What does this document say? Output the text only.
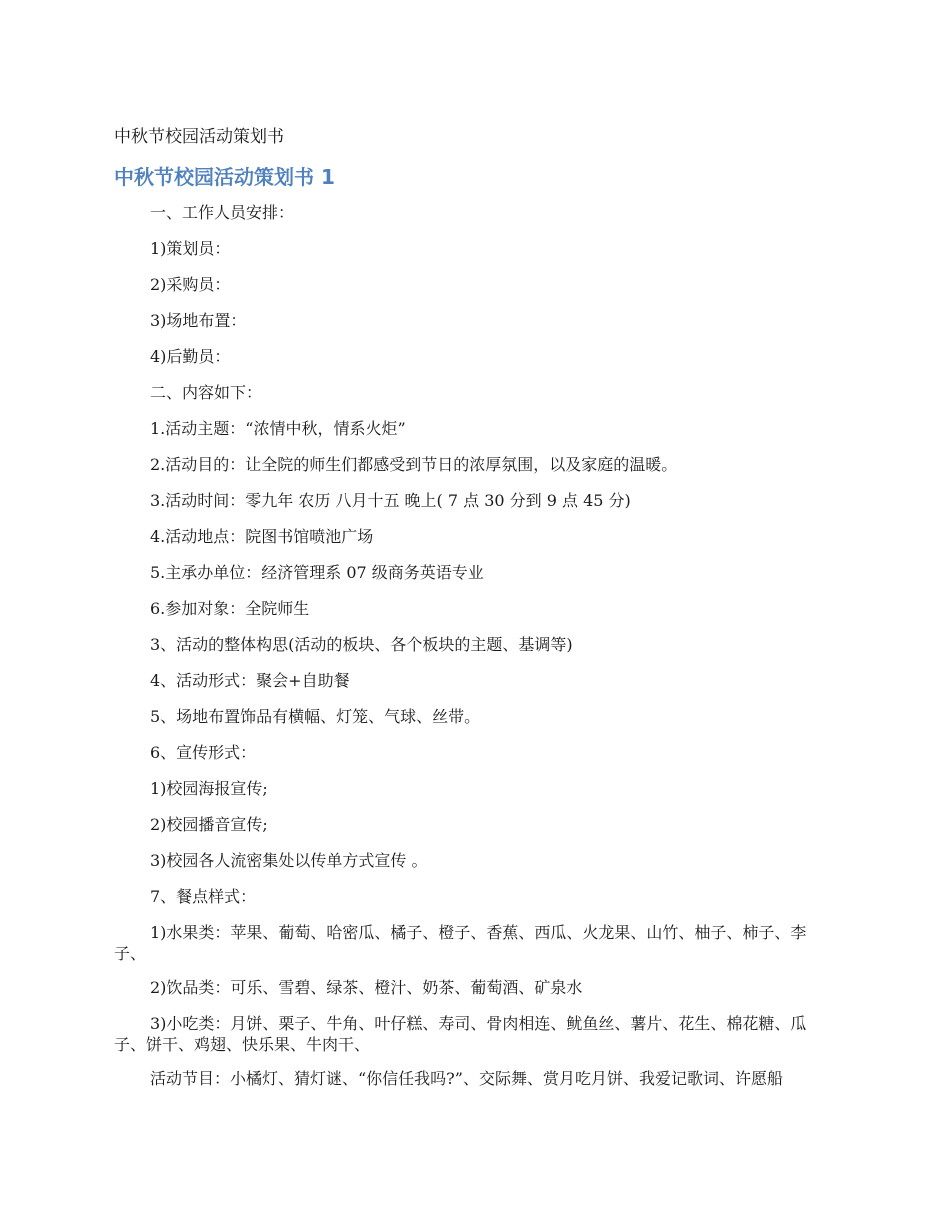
中秋节校园活动策划书
中秋节校园活动策划书 1

一、工作人员安排：

1)策划员：

2)采购员：

3)场地布置：

4)后勤员：

二、内容如下：

1.活动主题：“浓情中秋，情系火炬”

2.活动目的：让全院的师生们都感受到节日的浓厚氛围，以及家庭的温暖。

3.活动时间：零九年 农历 八月十五 晚上( 7 点 30 分到 9 点 45 分)

4.活动地点：院图书馆喷池广场

5.主承办单位：经济管理系 07 级商务英语专业

6.参加对象：全院师生

3、活动的整体构思(活动的板块、各个板块的主题、基调等)

4、活动形式：聚会+自助餐

5、场地布置饰品有横幅、灯笼、气球、丝带。

6、宣传形式：

1)校园海报宣传;

2)校园播音宣传;

3)校园各人流密集处以传单方式宣传 。

7、餐点样式：

1)水果类：苹果、葡萄、哈密瓜、橘子、橙子、香蕉、西瓜、火龙果、山竹、柚子、柿子、李子、

2)饮品类：可乐、雪碧、绿茶、橙汁、奶茶、葡萄酒、矿泉水

3)小吃类：月饼、栗子、牛角、叶仔糕、寿司、骨肉相连、鱿鱼丝、薯片、花生、棉花糖、瓜子、饼干、鸡翅、快乐果、牛肉干、

活动节目：小橘灯、猜灯谜、“你信任我吗?”、交际舞、赏月吃月饼、我爱记歌词、许愿船
